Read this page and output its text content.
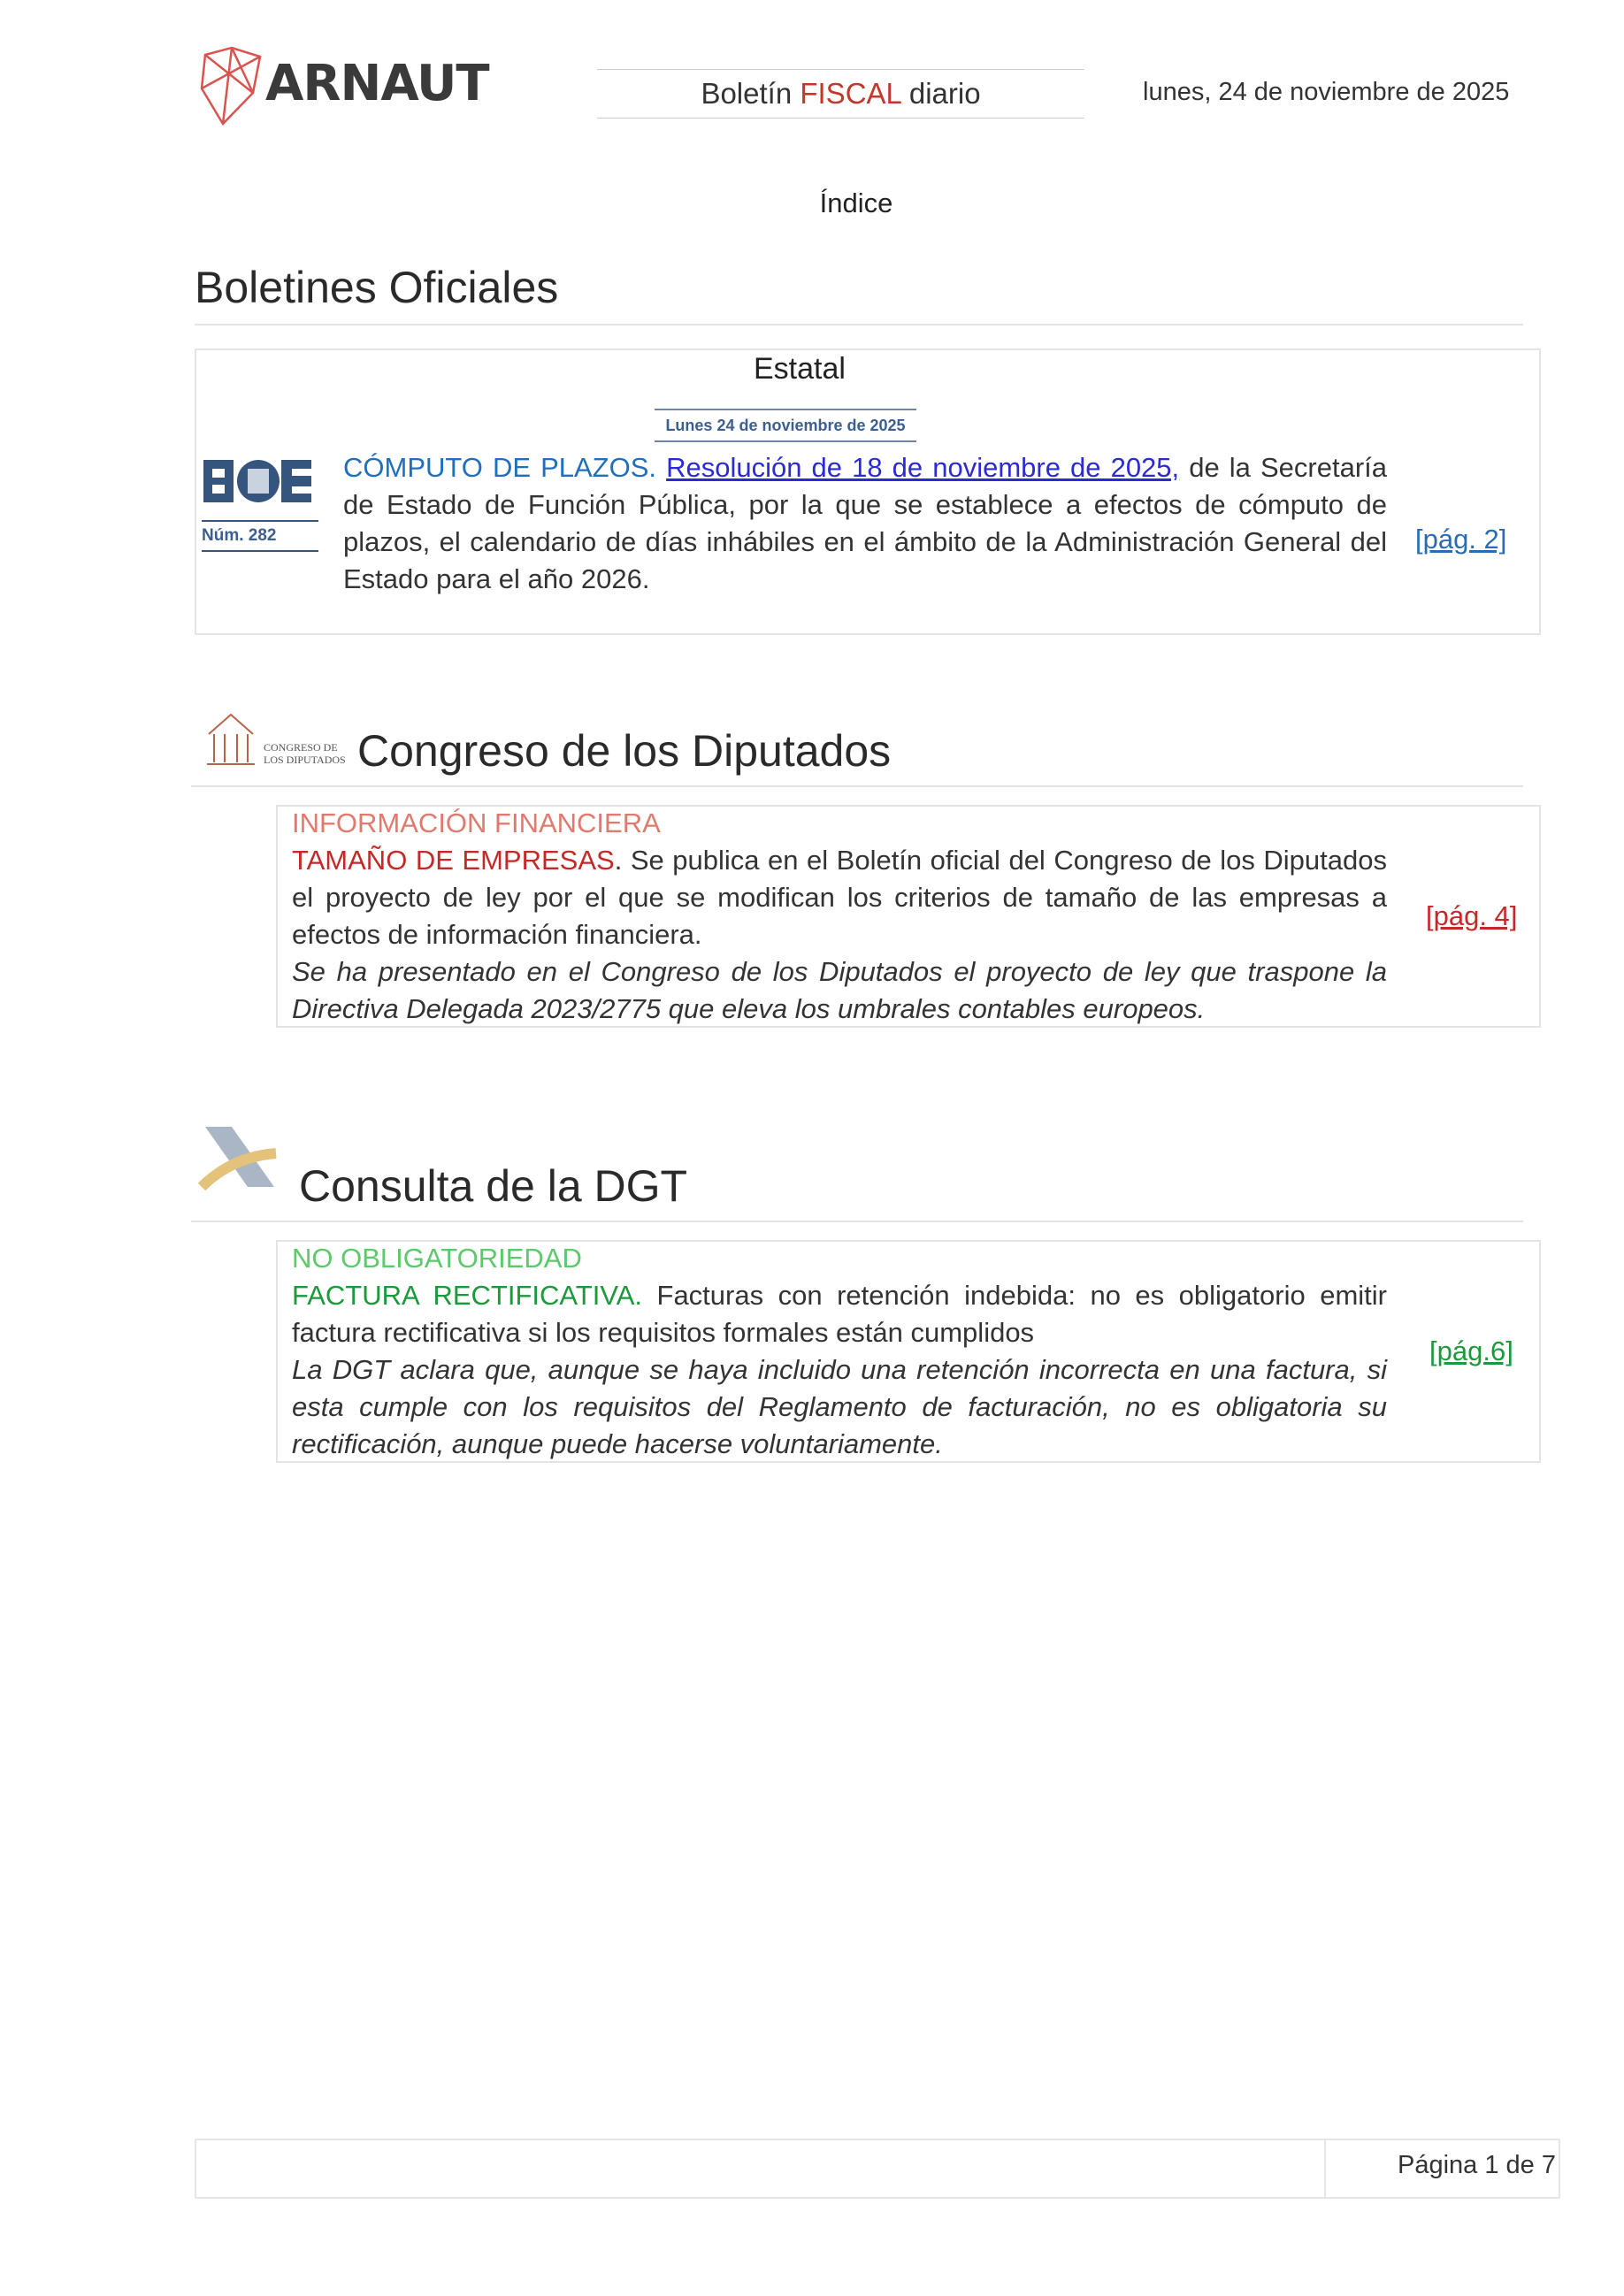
ARNAUT	Boletín FISCAL diario	lunes, 24 de noviembre de 2025
Índice
Boletines Oficiales
Estatal
Lunes 24 de noviembre de 2025
Núm. 282
CÓMPUTO DE PLAZOS. Resolución de 18 de noviembre de 2025, de la Secretaría de Estado de Función Pública, por la que se establece a efectos de cómputo de plazos, el calendario de días inhábiles en el ámbito de la Administración General del Estado para el año 2026.
[pág. 2]
CONGRESO DE
LOS DIPUTADOS Congreso de los Diputados
INFORMACIÓN FINANCIERA
TAMAÑO DE EMPRESAS. Se publica en el Boletín oficial del Congreso de los Diputados el proyecto de ley por el que se modifican los criterios de tamaño de las empresas a efectos de información financiera.
Se ha presentado en el Congreso de los Diputados el proyecto de ley que traspone la Directiva Delegada 2023/2775 que eleva los umbrales contables europeos.
[pág. 4]
Consulta de la DGT
NO OBLIGATORIEDAD
FACTURA RECTIFICATIVA. Facturas con retención indebida: no es obligatorio emitir factura rectificativa si los requisitos formales están cumplidos
La DGT aclara que, aunque se haya incluido una retención incorrecta en una factura, si esta cumple con los requisitos del Reglamento de facturación, no es obligatoria su rectificación, aunque puede hacerse voluntariamente.
[pág.6]
Página 1 de 7
